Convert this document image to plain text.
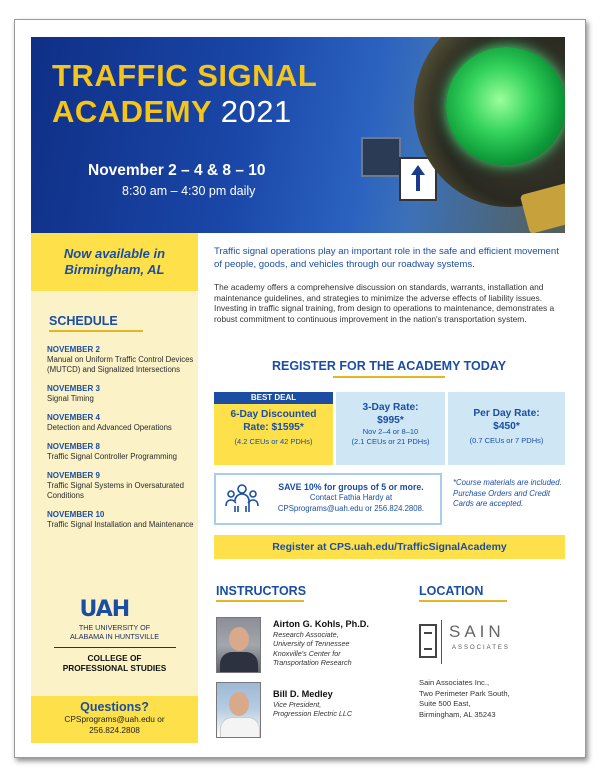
TRAFFIC SIGNAL
ACADEMY 2021
November 2 – 4 & 8 – 10
8:30 am – 4:30 pm daily
Now available in
Birmingham, AL
SCHEDULE
NOVEMBER 2
Manual on Uniform Traffic Control Devices (MUTCD) and Signalized Intersections
NOVEMBER 3
Signal Timing
NOVEMBER 4
Detection and Advanced Operations
NOVEMBER 8
Traffic Signal Controller Programming
NOVEMBER 9
Traffic Signal Systems in Oversaturated Conditions
NOVEMBER 10
Traffic Signal Installation and Maintenance
UAH
THE UNIVERSITY OF
ALABAMA IN HUNTSVILLE
COLLEGE OF
PROFESSIONAL STUDIES
Questions?
CPSprograms@uah.edu or
256.824.2808
Traffic signal operations play an important role in the safe and efficient movement of people, goods, and vehicles through our roadway systems.
The academy offers a comprehensive discussion on standards, warrants, installation and maintenance guidelines, and strategies to minimize the adverse effects of liability issues. Investing in traffic signal training, from design to operations to maintenance, demonstrates a robust commitment to continuous improvement in the nation's transportation system.
REGISTER FOR THE ACADEMY TODAY
BEST DEAL
6-Day Discounted
Rate: $1595*
(4.2 CEUs or 42 PDHs)
3-Day Rate:
$995*
Nov 2–4 or 8–10
(2.1 CEUs or 21 PDHs)
Per Day Rate:
$450*
(0.7 CEUs or 7 PDHs)
SAVE 10% for groups of 5 or more.
Contact Fathia Hardy at
CPSprograms@uah.edu or 256.824.2808.
*Course materials are included. Purchase Orders and Credit Cards are accepted.
Register at CPS.uah.edu/TrafficSignalAcademy
INSTRUCTORS
Airton G. Kohls, Ph.D.
Research Associate,
University of Tennessee
Knoxville's Center for
Transportation Research
Bill D. Medley
Vice President,
Progression Electric LLC
LOCATION
SAIN
ASSOCIATES
Sain Associates Inc.,
Two Perimeter Park South,
Suite 500 East,
Birmingham, AL 35243
